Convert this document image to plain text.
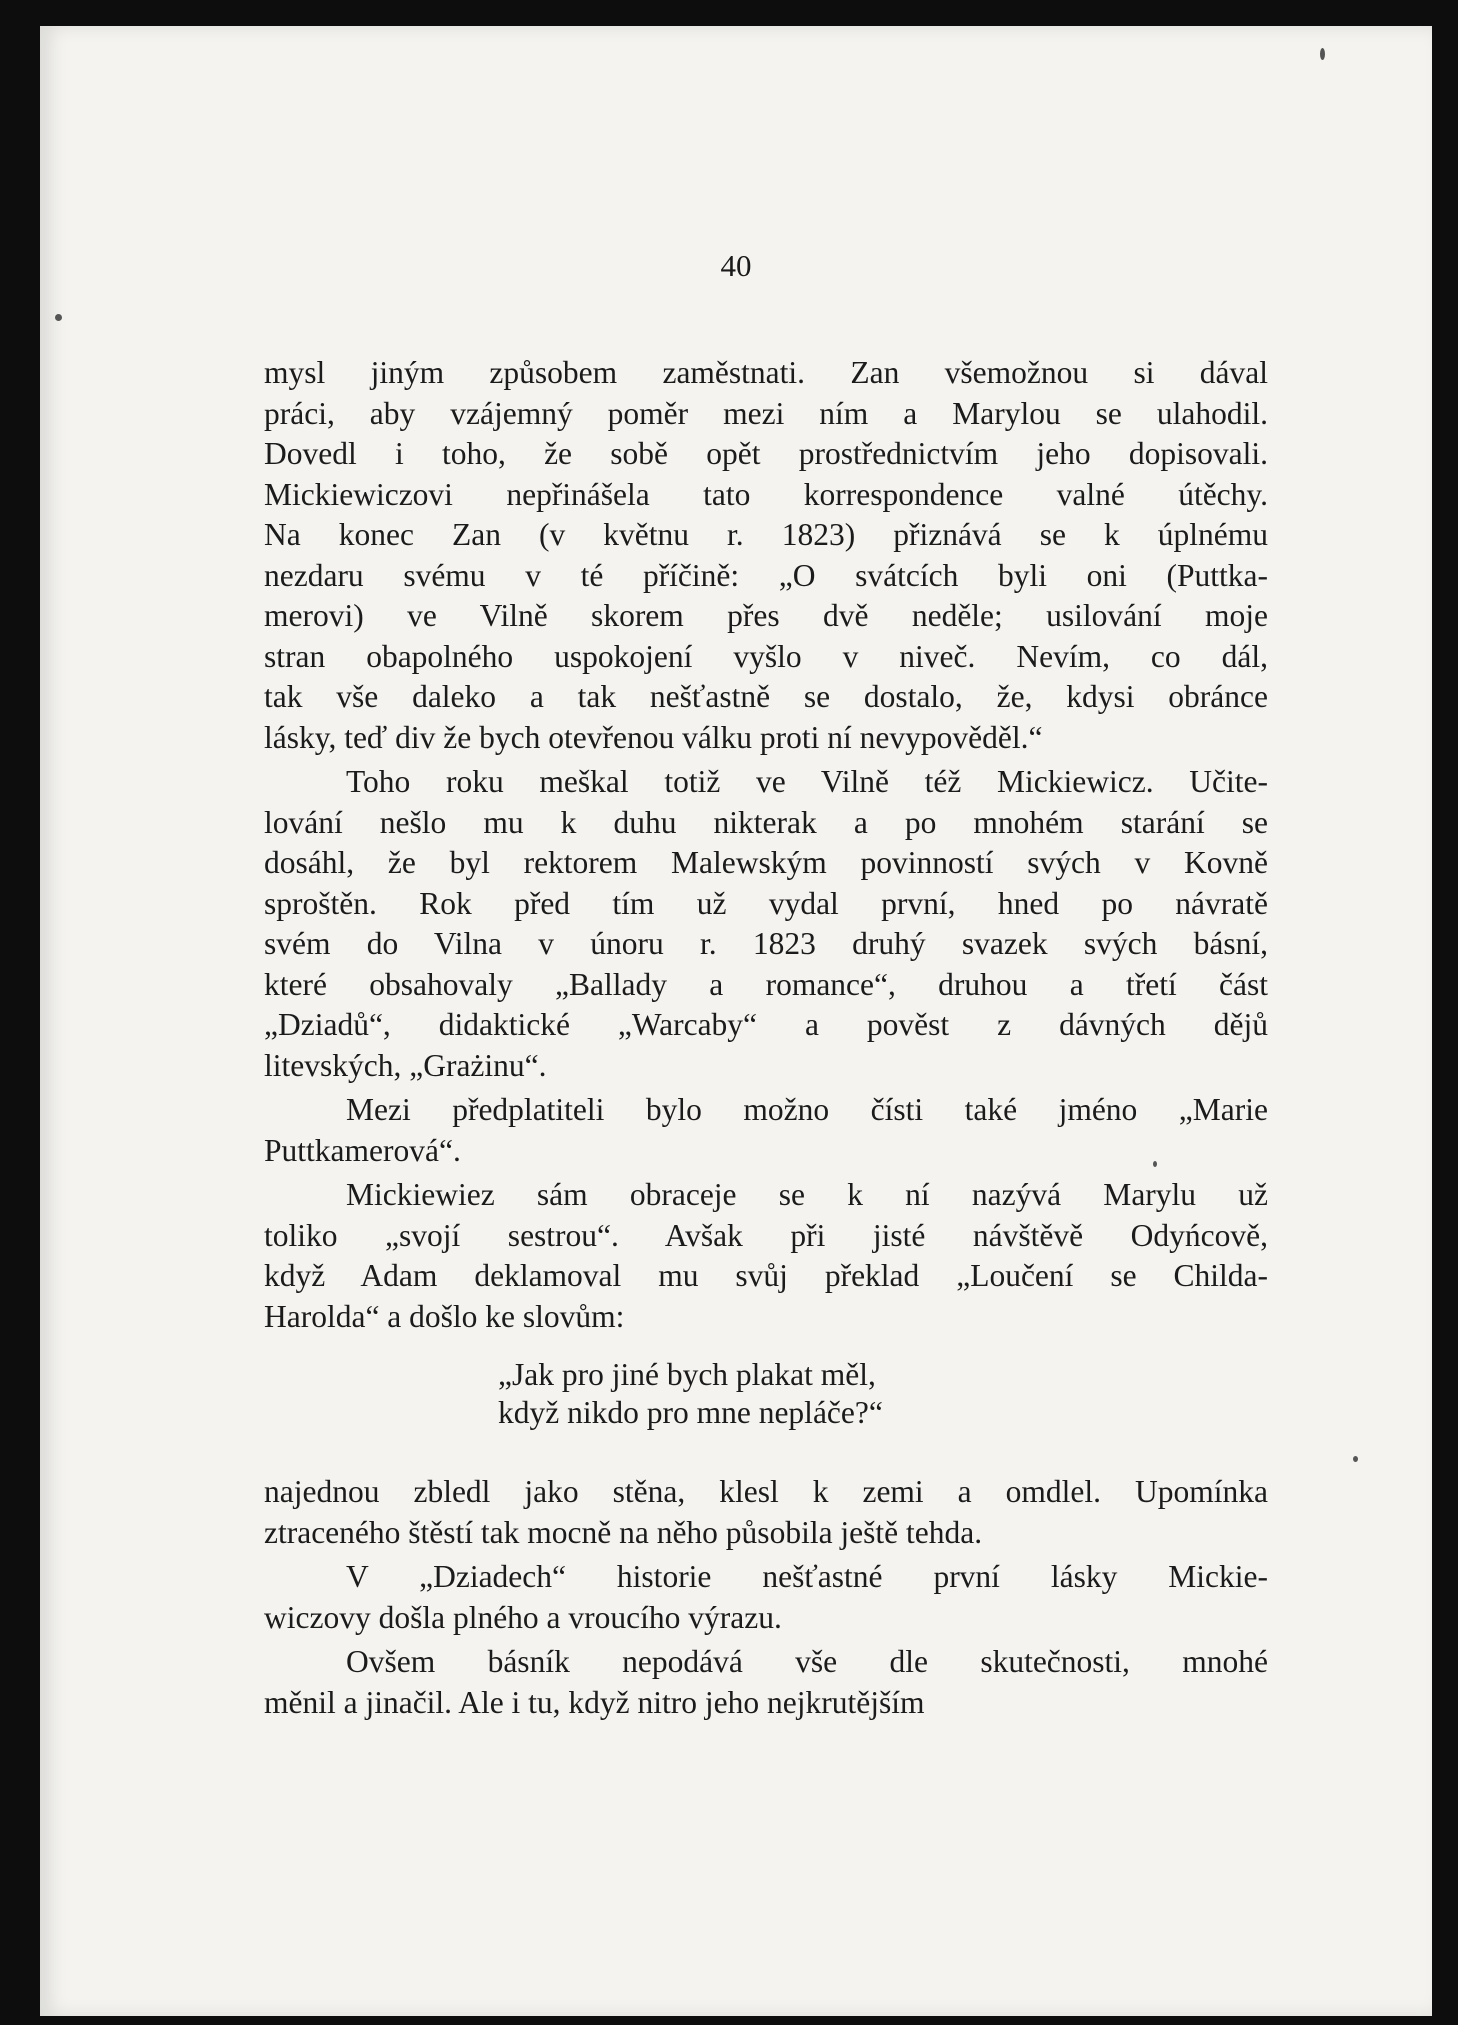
40

mysl jiným způsobem zaměstnati. Zan všemožnou si dával

práci, aby vzájemný poměr mezi ním a Marylou se ulahodil.

Dovedl i toho, že sobě opět prostřednictvím jeho dopisovali.

Mickiewiczovi nepřinášela tato korrespondence valné útěchy.

Na konec Zan (v květnu r. 1823) přiznává se k úplnému

nezdaru svému v té příčině: „O svátcích byli oni (Puttka-

merovi) ve Vilně skorem přes dvě neděle; usilování moje

stran obapolného uspokojení vyšlo v niveč. Nevím, co dál,

tak vše daleko a tak nešťastně se dostalo, že, kdysi obránce

lásky, teď div že bych otevřenou válku proti ní nevypověděl.“

Toho roku meškal totiž ve Vilně též Mickiewicz. Učite-

lování nešlo mu k duhu nikterak a po mnohém starání se

dosáhl, že byl rektorem Malewským povinností svých v Kovně

sproštěn. Rok před tím už vydal první, hned po návratě

svém do Vilna v únoru r. 1823 druhý svazek svých básní,

které obsahovaly „Ballady a romance“, druhou a třetí část

„Dziadů“, didaktické „Warcaby“ a pověst z dávných dějů

litevských, „Grażinu“.

Mezi předplatiteli bylo možno čísti také jméno „Marie

Puttkamerová“.

Mickiewiez sám obraceje se k ní nazývá Marylu už

toliko „svojí sestrou“. Avšak při jisté návštěvě Odyńcově,

když Adam deklamoval mu svůj překlad „Loučení se Childa-

Harolda“ a došlo ke slovům:

„Jak pro jiné bych plakat měl,

když nikdo pro mne nepláče?“

najednou zbledl jako stěna, klesl k zemi a omdlel. Upomínka

ztraceného štěstí tak mocně na něho působila ještě tehda.

V „Dziadech“ historie nešťastné první lásky Mickie-

wiczovy došla plného a vroucího výrazu.

Ovšem básník nepodává vše dle skutečnosti, mnohé

měnil a jinačil. Ale i tu, když nitro jeho nejkrutějším
